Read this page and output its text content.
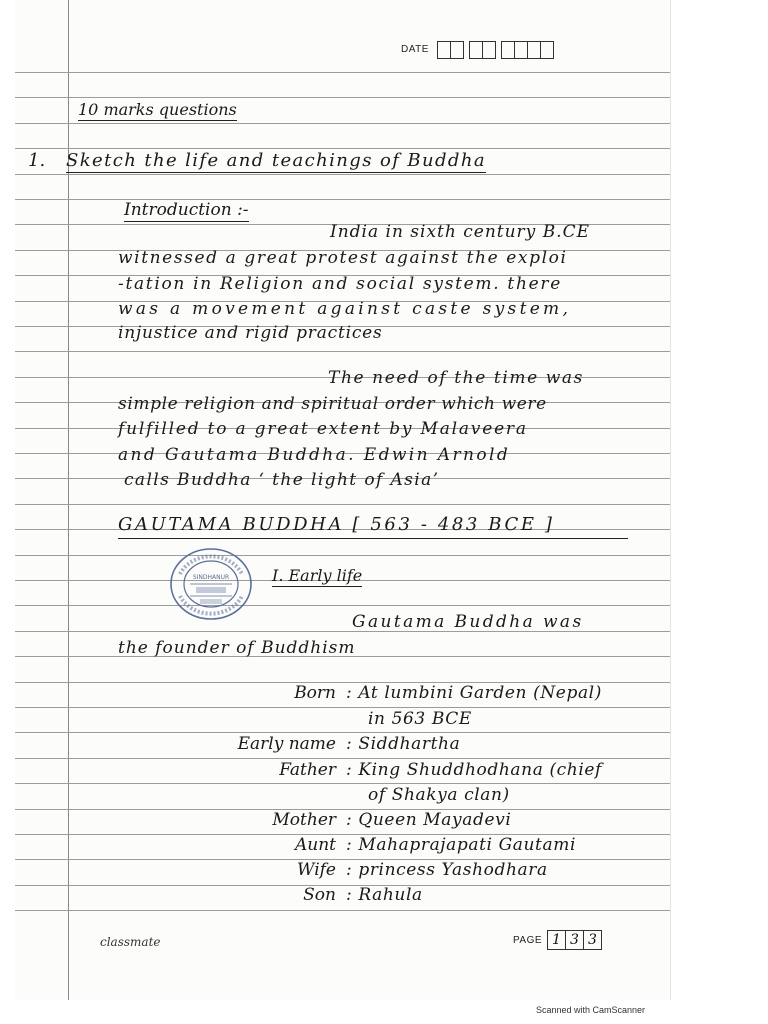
DATE
10 marks questions
1. Sketch the life and teachings of Buddha
Introduction :-
India in sixth century B.CE
witnessed a great protest against the exploi
-tation in Religion and social system. there
was a movement against caste system,
injustice and rigid practices
The need of the time was
simple religion and spiritual order which were
fulfilled to a great extent by Malaveera
and Gautama Buddha. Edwin Arnold
calls Buddha ‘ the light of Asia’
GAUTAMA BUDDHA [ 563 - 483 BCE ]
SINDHANUR	I. Early life
Gautama Buddha was
the founder of Buddhism
Born : At lumbini Garden (Nepal)
in 563 BCE
Early name : Siddhartha
Father : King Shuddhodhana (chief
of Shakya clan)
Mother : Queen Mayadevi
Aunt : Mahaprajapati Gautami
Wife : princess Yashodhara
Son : Rahula
classmate	PAGE 1 3 3
Scanned with CamScanner
